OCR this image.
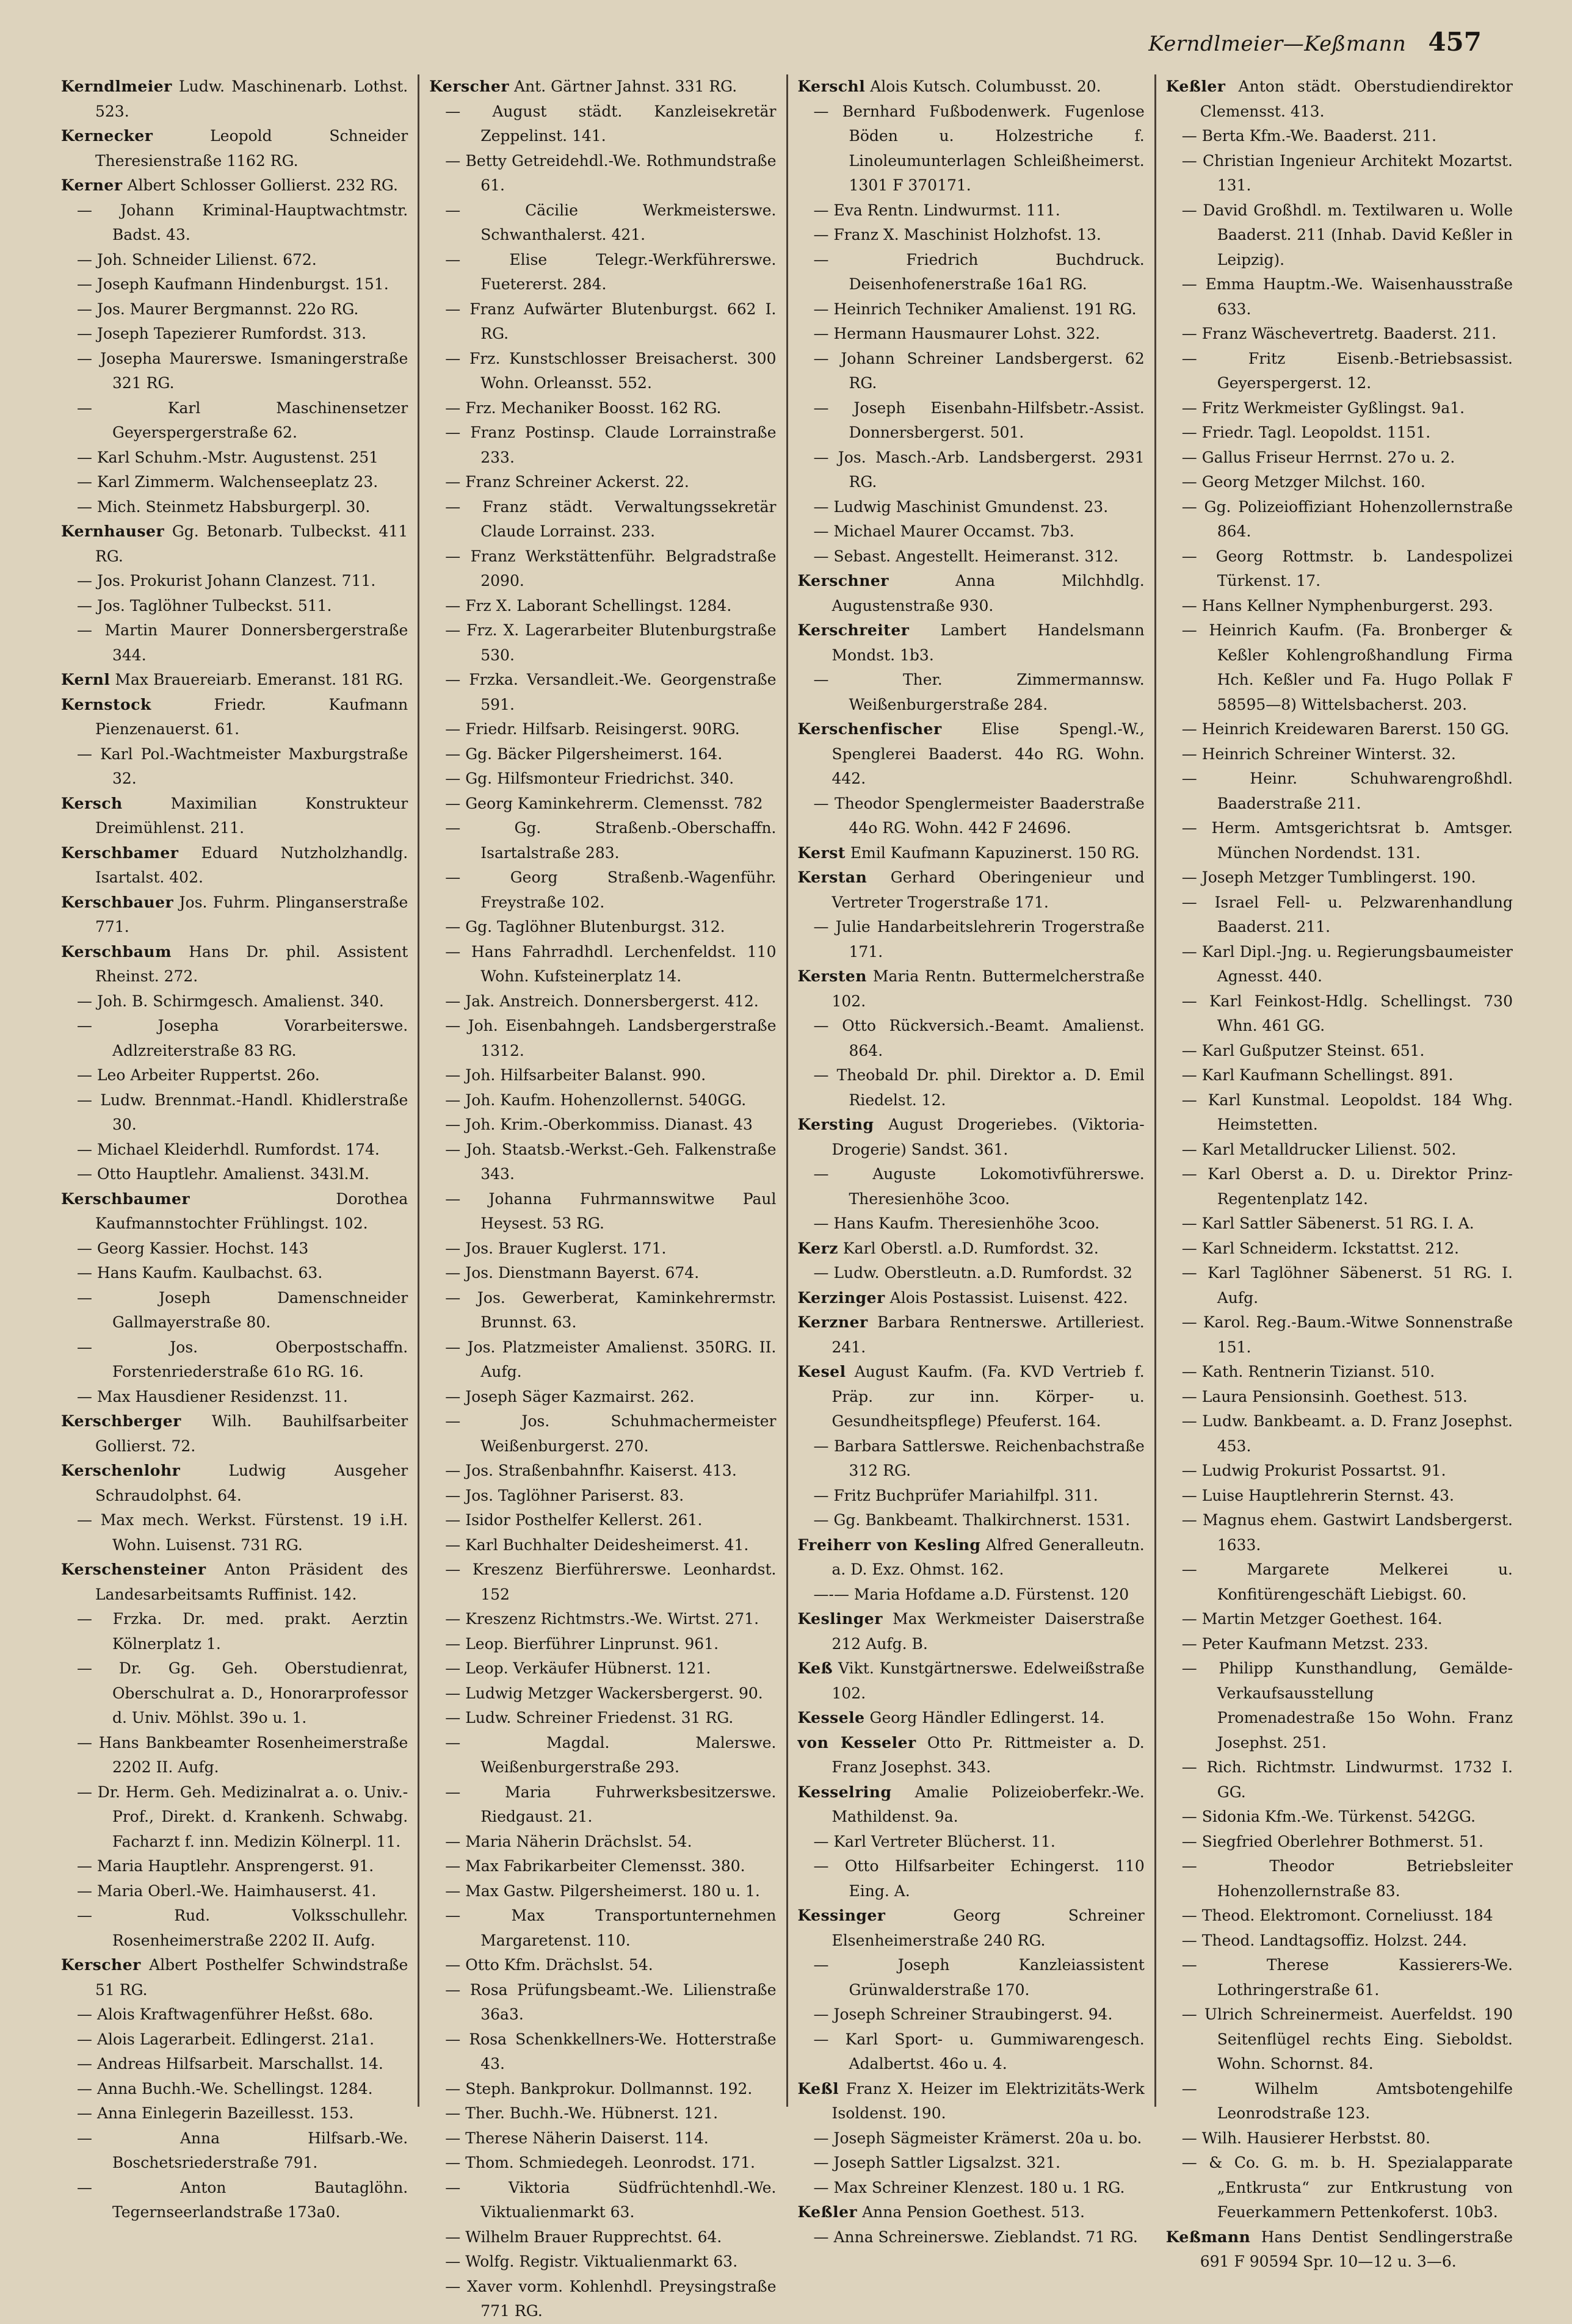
Kerndlmeier—Keßmann 457
Kerndlmeier Ludw. Maschinenarb. Lothst. 523.
Kernecker	Leopold Schneider Theresienstraße 1162 RG.
Kerner Albert Schlosser Gollierst. 232 RG.
— Johann Kriminal-Hauptwachtmstr. Badst. 43.
— Joh. Schneider Lilienst. 672.
— Joseph Kaufmann Hindenburgst. 151.
— Jos. Maurer Bergmannst. 22o RG.
— Joseph Tapezierer Rumfordst. 313.
— Josepha Maurerswe. Ismaningerstraße 321 RG.
— Karl Maschinensetzer Geyerspergerstraße 62.
— Karl Schuhm.-Mstr. Augustenst. 251
— Karl Zimmerm. Walchenseeplatz 23.
— Mich. Steinmetz Habsburgerpl. 30.
Kernhauser Gg. Betonarb. Tulbeckst. 411 RG.
— Jos. Prokurist Johann Clanzest. 711.
— Jos. Taglöhner Tulbeckst. 511.
— Martin Maurer Donnersbergerstraße 344.
Kernl Max Brauereiarb. Emeranst. 181 RG.
Kernstock	Friedr. Kaufmann Pienzenauerst. 61.
— Karl Pol.-Wachtmeister Maxburgstraße 32.
Kersch	Maximilian Konstrukteur Dreimühlenst. 211.
Kerschbamer Eduard Nutzholzhandlg. Isartalst. 402.
Kerschbauer Jos. Fuhrm. Plinganserstraße 771.
Kerschbaum Hans Dr. phil. Assistent Rheinst. 272.
— Joh. B. Schirmgesch. Amalienst. 340.
— Josepha Vorarbeiterswe. Adlzreiterstraße 83 RG.
— Leo Arbeiter Ruppertst. 26o.
— Ludw. Brennmat.-Handl. Khidlerstraße 30.
— Michael Kleiderhdl. Rumfordst. 174.
— Otto Hauptlehr. Amalienst. 343l.M.
Kerschbaumer	Dorothea Kaufmannstochter Frühlingst. 102.
— Georg Kassier. Hochst. 143
— Hans Kaufm. Kaulbachst. 63.
— Joseph Damenschneider Gallmayerstraße 80.
— Jos. Oberpostschaffn. Forstenriederstraße 61o RG. 16.
— Max Hausdiener Residenzst. 11.
Kerschberger Wilh. Bauhilfsarbeiter Gollierst. 72.
Kerschenlohr	Ludwig Ausgeher Schraudolphst. 64.
— Max mech. Werkst. Fürstenst. 19 i.H. Wohn. Luisenst. 731 RG.
Kerschensteiner Anton Präsident des Landesarbeitsamts Ruffinist. 142.
— Frzka. Dr. med. prakt. Aerztin Kölnerplatz 1.
— Dr. Gg. Geh. Oberstudienrat, Oberschulrat a. D., Honorarprofessor d. Univ. Möhlst. 39o u. 1.
— Hans Bankbeamter Rosenheimerstraße 2202 II. Aufg.
— Dr. Herm. Geh. Medizinalrat a. o. Univ.-Prof., Direkt. d. Krankenh. Schwabg. Facharzt f. inn. Medizin Kölnerpl. 11.
— Maria Hauptlehr. Ansprengerst. 91.
— Maria Oberl.-We. Haimhauserst. 41.
— Rud. Volksschullehr. Rosenheimerstraße 2202 II. Aufg.
Kerscher Albert Posthelfer Schwindstraße 51 RG.
— Alois Kraftwagenführer Heßst. 68o.
— Alois Lagerarbeit. Edlingerst. 21a1.
— Andreas Hilfsarbeit. Marschallst. 14.
— Anna Buchh.-We. Schellingst. 1284.
— Anna Einlegerin Bazeillesst. 153.
— Anna Hilfsarb.-We. Boschetsriederstraße 791.
— Anton Bautaglöhn. Tegernseerlandstraße 173a0.
Kerscher Ant. Gärtner Jahnst. 331 RG.
— August städt. Kanzleisekretär Zeppelinst. 141.
— Betty Getreidehdl.-We. Rothmundstraße 61.
— Cäcilie Werkmeisterswe. Schwanthalerst. 421.
— Elise Telegr.-Werkführerswe. Fuetererst. 284.
— Franz Aufwärter Blutenburgst. 662 I. RG.
— Frz. Kunstschlosser Breisacherst. 300 Wohn. Orleansst. 552.
— Frz. Mechaniker Boosst. 162 RG.
— Franz Postinsp. Claude Lorrainstraße 233.
— Franz Schreiner Ackerst. 22.
— Franz städt. Verwaltungssekretär Claude Lorrainst. 233.
— Franz Werkstättenführ. Belgradstraße 2090.
— Frz X. Laborant Schellingst. 1284.
— Frz. X. Lagerarbeiter Blutenburgstraße 530.
— Frzka. Versandleit.-We. Georgenstraße 591.
— Friedr. Hilfsarb. Reisingerst. 90RG.
— Gg. Bäcker Pilgersheimerst. 164.
— Gg. Hilfsmonteur Friedrichst. 340.
— Georg Kaminkehrerm. Clemensst. 782
— Gg. Straßenb.-Oberschaffn. Isartalstraße 283.
— Georg Straßenb.-Wagenführ. Freystraße 102.
— Gg. Taglöhner Blutenburgst. 312.
— Hans Fahrradhdl. Lerchenfeldst. 110 Wohn. Kufsteinerplatz 14.
— Jak. Anstreich. Donnersbergerst. 412.
— Joh. Eisenbahngeh. Landsbergerstraße 1312.
— Joh. Hilfsarbeiter Balanst. 990.
— Joh. Kaufm. Hohenzollernst. 540GG.
— Joh. Krim.-Oberkommiss. Dianast. 43
— Joh. Staatsb.-Werkst.-Geh. Falkenstraße 343.
— Johanna Fuhrmannswitwe Paul Heysest. 53 RG.
— Jos. Brauer Kuglerst. 171.
— Jos. Dienstmann Bayerst. 674.
— Jos. Gewerberat, Kaminkehrermstr. Brunnst. 63.
— Jos. Platzmeister Amalienst. 350RG. II. Aufg.
— Joseph Säger Kazmairst. 262.
— Jos. Schuhmachermeister Weißenburgerst. 270.
— Jos. Straßenbahnfhr. Kaiserst. 413.
— Jos. Taglöhner Pariserst. 83.
— Isidor Posthelfer Kellerst. 261.
— Karl Buchhalter Deidesheimerst. 41.
— Kreszenz Bierführerswe. Leonhardst. 152
— Kreszenz Richtmstrs.-We. Wirtst. 271.
— Leop. Bierführer Linprunst. 961.
— Leop. Verkäufer Hübnerst. 121.
— Ludwig Metzger Wackersbergerst. 90.
— Ludw. Schreiner Friedenst. 31 RG.
— Magdal. Malerswe. Weißenburgerstraße 293.
— Maria Fuhrwerksbesitzerswe. Riedgaust. 21.
— Maria Näherin Drächslst. 54.
— Max Fabrikarbeiter Clemensst. 380.
— Max Gastw. Pilgersheimerst. 180 u. 1.
— Max Transportunternehmen Margaretenst. 110.
— Otto Kfm. Drächslst. 54.
— Rosa Prüfungsbeamt.-We. Lilienstraße 36a3.
— Rosa Schenkkellners-We. Hotterstraße 43.
— Steph. Bankprokur. Dollmannst. 192.
— Ther. Buchh.-We. Hübnerst. 121.
— Therese Näherin Daiserst. 114.
— Thom. Schmiedegeh. Leonrodst. 171.
— Viktoria Südfrüchtenhdl.-We. Viktualienmarkt 63.
— Wilhelm Brauer Rupprechtst. 64.
— Wolfg. Registr. Viktualienmarkt 63.
— Xaver vorm. Kohlenhdl. Preysingstraße 771 RG.
Kerschl Alois Kutsch. Columbusst. 20.
— Bernhard Fußbodenwerk. Fugenlose Böden u. Holzestriche f. Linoleumunterlagen Schleißheimerst. 1301 F 370171.
— Eva Rentn. Lindwurmst. 111.
— Franz X. Maschinist Holzhofst. 13.
— Friedrich Buchdruck. Deisenhofenerstraße 16a1 RG.
— Heinrich Techniker Amalienst. 191 RG.
— Hermann Hausmaurer Lohst. 322.
— Johann Schreiner Landsbergerst. 62 RG.
— Joseph Eisenbahn-Hilfsbetr.-Assist. Donnersbergerst. 501.
— Jos. Masch.-Arb. Landsbergerst. 2931 RG.
— Ludwig Maschinist Gmundenst. 23.
— Michael Maurer Occamst. 7b3.
— Sebast. Angestellt. Heimeranst. 312.
Kerschner	Anna Milchhdlg. Augustenstraße 930.
Kerschreiter Lambert Handelsmann Mondst. 1b3.
— Ther. Zimmermannsw. Weißenburgerstraße 284.
Kerschenfischer	Elise Spengl.-W., Spenglerei Baaderst. 44o RG. Wohn. 442.
— Theodor Spenglermeister Baaderstraße 44o RG. Wohn. 442 F 24696.
Kerst Emil Kaufmann Kapuzinerst. 150 RG.
Kerstan Gerhard Oberingenieur und Vertreter Trogerstraße 171.
— Julie Handarbeitslehrerin Trogerstraße 171.
Kersten Maria Rentn. Buttermelcherstraße 102.
— Otto Rückversich.-Beamt. Amalienst. 864.
— Theobald Dr. phil. Direktor a. D. Emil Riedelst. 12.
Kersting August Drogeriebes. (Viktoria-Drogerie) Sandst. 361.
— Auguste Lokomotivführerswe. Theresienhöhe 3coo.
— Hans Kaufm. Theresienhöhe 3coo.
Kerz Karl Oberstl. a.D. Rumfordst. 32.
— Ludw. Oberstleutn. a.D. Rumfordst. 32
Kerzinger Alois Postassist. Luisenst. 422.
Kerzner Barbara Rentnerswe. Artilleriest. 241.
Kesel August Kaufm. (Fa. KVD Vertrieb f. Präp. zur inn. Körper- u. Gesundheitspflege) Pfeuferst. 164.
— Barbara Sattlerswe. Reichenbachstraße 312 RG.
— Fritz Buchprüfer Mariahilfpl. 311.
— Gg. Bankbeamt. Thalkirchnerst. 1531.
Freiherr von Kesling Alfred Generalleutn. a. D. Exz. Ohmst. 162.
—-— Maria Hofdame a.D. Fürstenst. 120
Keslinger Max Werkmeister Daiserstraße 212 Aufg. B.
Keß Vikt. Kunstgärtnerswe. Edelweißstraße 102.
Kessele Georg Händler Edlingerst. 14.
von Kesseler Otto Pr. Rittmeister a. D. Franz Josephst. 343.
Kesselring Amalie Polizeioberfekr.-We. Mathildenst. 9a.
— Karl Vertreter Blücherst. 11.
— Otto Hilfsarbeiter Echingerst. 110 Eing. A.
Kessinger	Georg Schreiner Elsenheimerstraße 240 RG.
— Joseph Kanzleiassistent Grünwalderstraße 170.
— Joseph Schreiner Straubingerst. 94.
— Karl Sport- u. Gummiwarengesch. Adalbertst. 46o u. 4.
Keßl Franz X. Heizer im Elektrizitäts-Werk Isoldenst. 190.
— Joseph Sägmeister Krämerst. 20a u. bo.
— Joseph Sattler Ligsalzst. 321.
— Max Schreiner Klenzest. 180 u. 1 RG.
Keßler Anna Pension Goethest. 513.
— Anna Schreinerswe. Zieblandst. 71 RG.
Keßler Anton städt. Oberstudiendirektor Clemensst. 413.
— Berta Kfm.-We. Baaderst. 211.
— Christian Ingenieur Architekt Mozartst. 131.
— David Großhdl. m. Textilwaren u. Wolle Baaderst. 211 (Inhab. David Keßler in Leipzig).
— Emma Hauptm.-We. Waisenhausstraße 633.
— Franz Wäschevertretg. Baaderst. 211.
— Fritz Eisenb.-Betriebsassist. Geyerspergerst. 12.
— Fritz Werkmeister Gyßlingst. 9a1.
— Friedr. Tagl. Leopoldst. 1151.
— Gallus Friseur Herrnst. 27o u. 2.
— Georg Metzger Milchst. 160.
— Gg. Polizeioffiziant Hohenzollernstraße 864.
— Georg Rottmstr. b. Landespolizei Türkenst. 17.
— Hans Kellner Nymphenburgerst. 293.
— Heinrich Kaufm. (Fa. Bronberger & Keßler Kohlengroßhandlung Firma Hch. Keßler und Fa. Hugo Pollak F 58595—8) Wittelsbacherst. 203.
— Heinrich Kreidewaren Barerst. 150 GG.
— Heinrich Schreiner Winterst. 32.
— Heinr. Schuhwarengroßhdl. Baaderstraße 211.
— Herm. Amtsgerichtsrat b. Amtsger. München Nordendst. 131.
— Joseph Metzger Tumblingerst. 190.
— Israel Fell- u. Pelzwarenhandlung Baaderst. 211.
— Karl Dipl.-Jng. u. Regierungsbaumeister Agnesst. 440.
— Karl Feinkost-Hdlg. Schellingst. 730 Whn. 461 GG.
— Karl Gußputzer Steinst. 651.
— Karl Kaufmann Schellingst. 891.
— Karl Kunstmal. Leopoldst. 184 Whg. Heimstetten.
— Karl Metalldrucker Lilienst. 502.
— Karl Oberst a. D. u. Direktor Prinz-Regentenplatz 142.
— Karl Sattler Säbenerst. 51 RG. I. A.
— Karl Schneiderm. Ickstattst. 212.
— Karl Taglöhner Säbenerst. 51 RG. I. Aufg.
— Karol. Reg.-Baum.-Witwe Sonnenstraße 151.
— Kath. Rentnerin Tizianst. 510.
— Laura Pensionsinh. Goethest. 513.
— Ludw. Bankbeamt. a. D. Franz Josephst. 453.
— Ludwig Prokurist Possartst. 91.
— Luise Hauptlehrerin Sternst. 43.
— Magnus ehem. Gastwirt Landsbergerst. 1633.
— Margarete Melkerei u. Konfitürengeschäft Liebigst. 60.
— Martin Metzger Goethest. 164.
— Peter Kaufmann Metzst. 233.
— Philipp Kunsthandlung, Gemälde-Verkaufsausstellung Promenadestraße 15o Wohn. Franz Josephst. 251.
— Rich. Richtmstr. Lindwurmst. 1732 I. GG.
— Sidonia Kfm.-We. Türkenst. 542GG.
— Siegfried Oberlehrer Bothmerst. 51.
— Theodor Betriebsleiter Hohenzollernstraße 83.
— Theod. Elektromont. Corneliusst. 184
— Theod. Landtagsoffiz. Holzst. 244.
— Therese Kassierers-We. Lothringerstraße 61.
— Ulrich Schreinermeist. Auerfeldst. 190 Seitenflügel rechts Eing. Sieboldst. Wohn. Schornst. 84.
— Wilhelm Amtsbotengehilfe Leonrodstraße 123.
— Wilh. Hausierer Herbstst. 80.
— & Co. G. m. b. H. Spezialapparate „Entkrusta“ zur Entkrustung von Feuerkammern Pettenkoferst. 10b3.
Keßmann Hans Dentist Sendlingerstraße 691 F 90594 Spr. 10—12 u. 3—6.
